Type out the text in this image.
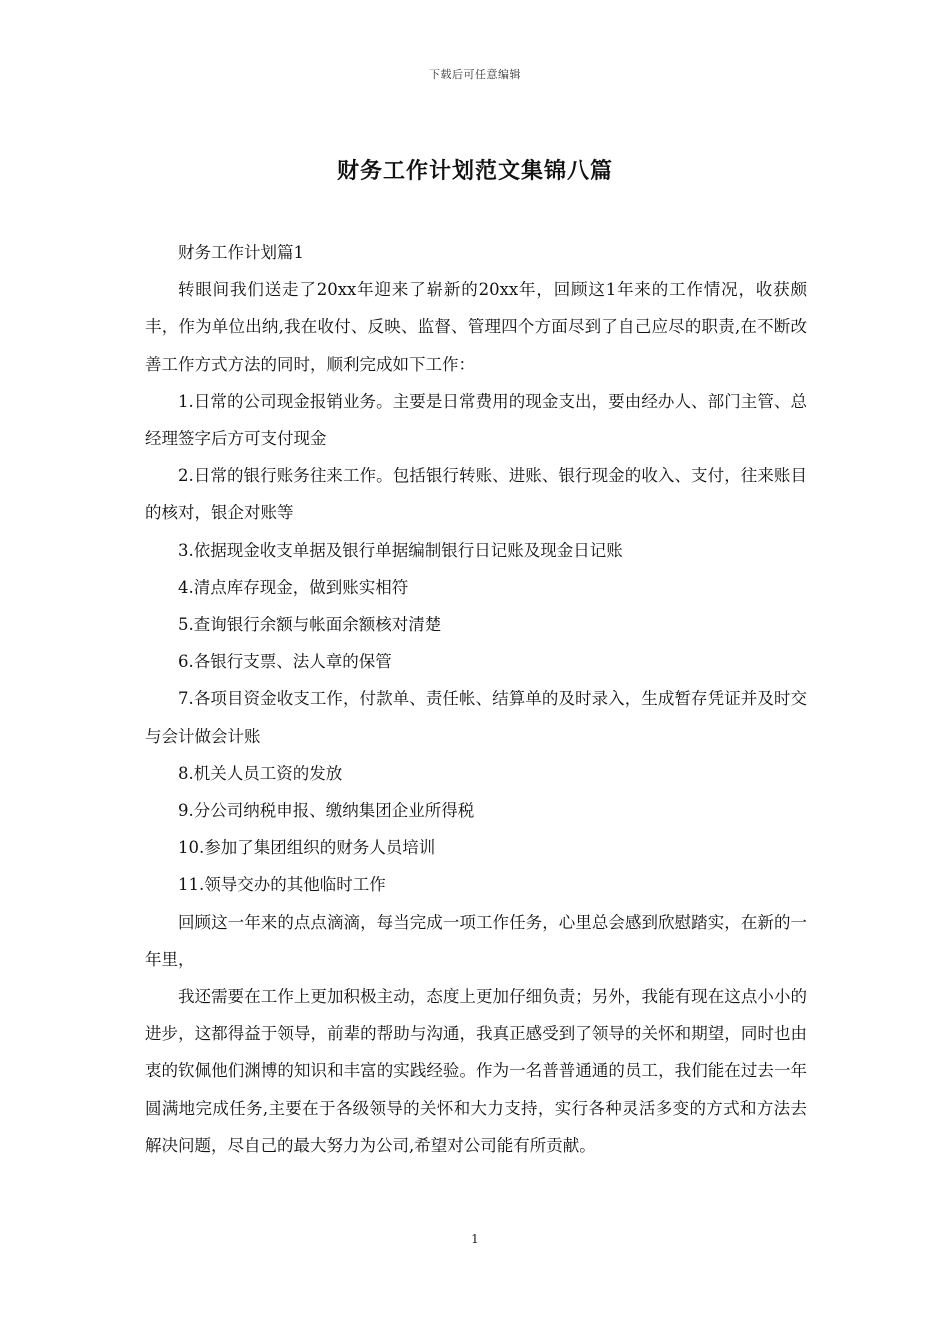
下载后可任意编辑
财务工作计划范文集锦八篇

财务工作计划篇1

转眼间我们送走了20xx年迎来了崭新的20xx年，回顾这1年来的工作情况，收获颇丰，作为单位出纳,我在收付、反映、监督、管理四个方面尽到了自己应尽的职责,在不断改善工作方式方法的同时，顺利完成如下工作：

1.日常的公司现金报销业务。主要是日常费用的现金支出，要由经办人、部门主管、总经理签字后方可支付现金

2.日常的银行账务往来工作。包括银行转账、进账、银行现金的收入、支付，往来账目的核对，银企对账等

3.依据现金收支单据及银行单据编制银行日记账及现金日记账

4.清点库存现金，做到账实相符

5.查询银行余额与帐面余额核对清楚

6.各银行支票、法人章的保管

7.各项目资金收支工作，付款单、责任帐、结算单的及时录入，生成暂存凭证并及时交与会计做会计账

8.机关人员工资的发放

9.分公司纳税申报、缴纳集团企业所得税

10.参加了集团组织的财务人员培训

11.领导交办的其他临时工作

回顾这一年来的点点滴滴，每当完成一项工作任务，心里总会感到欣慰踏实，在新的一年里，

我还需要在工作上更加积极主动，态度上更加仔细负责；另外，我能有现在这点小小的进步，这都得益于领导，前辈的帮助与沟通，我真正感受到了领导的关怀和期望，同时也由衷的钦佩他们渊博的知识和丰富的实践经验。作为一名普普通通的员工，我们能在过去一年圆满地完成任务,主要在于各级领导的关怀和大力支持，实行各种灵活多变的方式和方法去解决问题，尽自己的最大努力为公司,希望对公司能有所贡献。

1
